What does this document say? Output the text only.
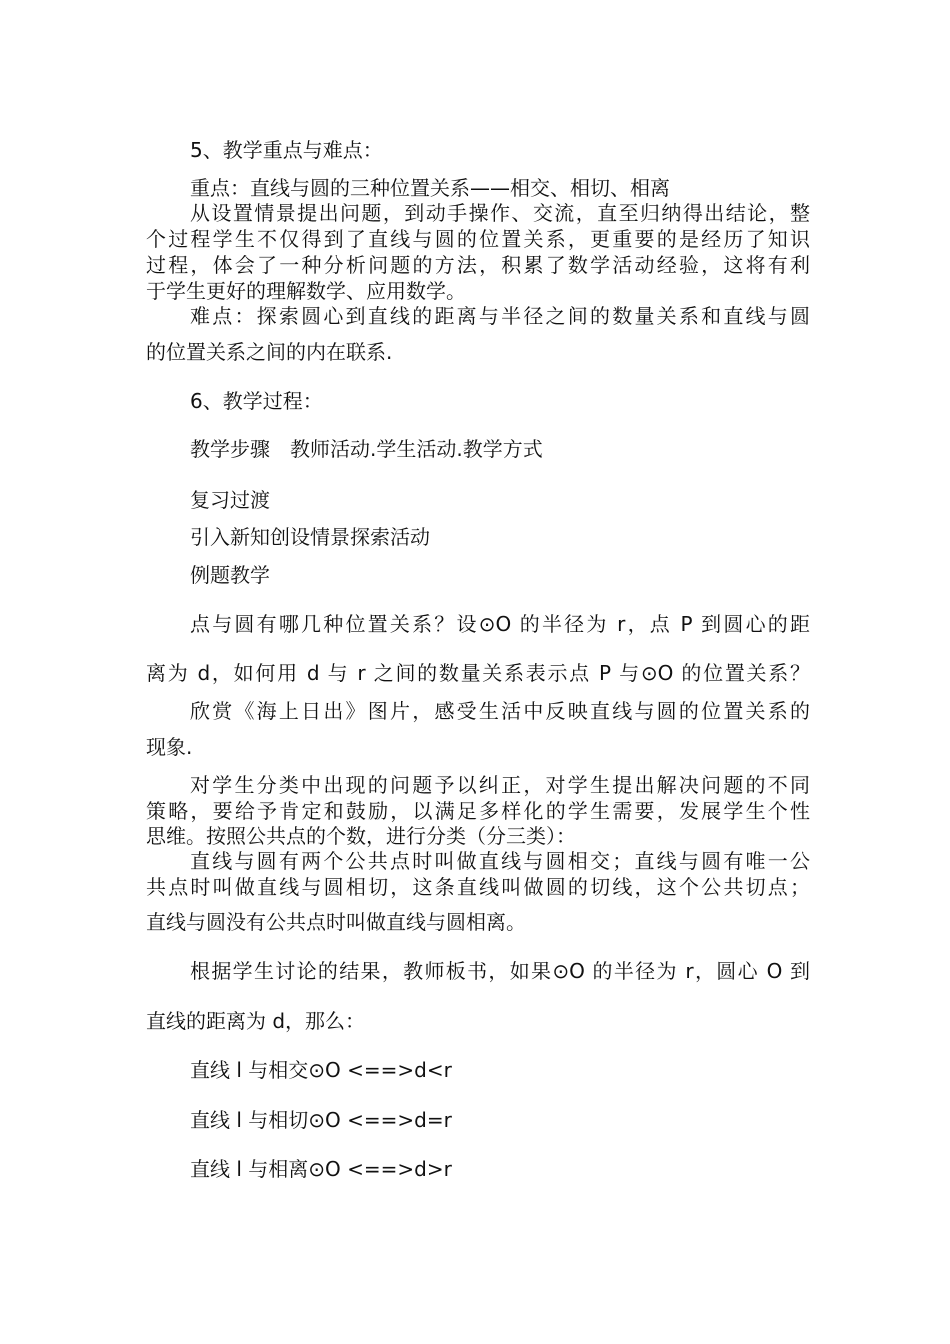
5、教学重点与难点：
重点：直线与圆的三种位置关系——相交、相切、相离
从设置情景提出问题，到动手操作、交流，直至归纳得出结论，整
个过程学生不仅得到了直线与圆的位置关系，更重要的是经历了知识
过程，体会了一种分析问题的方法，积累了数学活动经验，这将有利
于学生更好的理解数学、应用数学。
难点：探索圆心到直线的距离与半径之间的数量关系和直线与圆
的位置关系之间的内在联系.
6、教学过程：
教学步骤　教师活动.学生活动.教学方式
复习过渡
引入新知创设情景探索活动
例题教学
点与圆有哪几种位置关系？设⊙O 的半径为 r，点 P 到圆心的距
离为 d，如何用 d 与 r 之间的数量关系表示点 P 与⊙O 的位置关系？
欣赏《海上日出》图片，感受生活中反映直线与圆的位置关系的
现象.
对学生分类中出现的问题予以纠正，对学生提出解决问题的不同
策略，要给予肯定和鼓励，以满足多样化的学生需要，发展学生个性
思维。按照公共点的个数，进行分类（分三类）：
直线与圆有两个公共点时叫做直线与圆相交；直线与圆有唯一公
共点时叫做直线与圆相切，这条直线叫做圆的切线，这个公共切点；
直线与圆没有公共点时叫做直线与圆相离。
根据学生讨论的结果，教师板书，如果⊙O 的半径为 r，圆心 O 到
直线的距离为 d，那么：
直线 l 与相交⊙O <==>d<r
直线 l 与相切⊙O <==>d=r
直线 l 与相离⊙O <==>d>r
